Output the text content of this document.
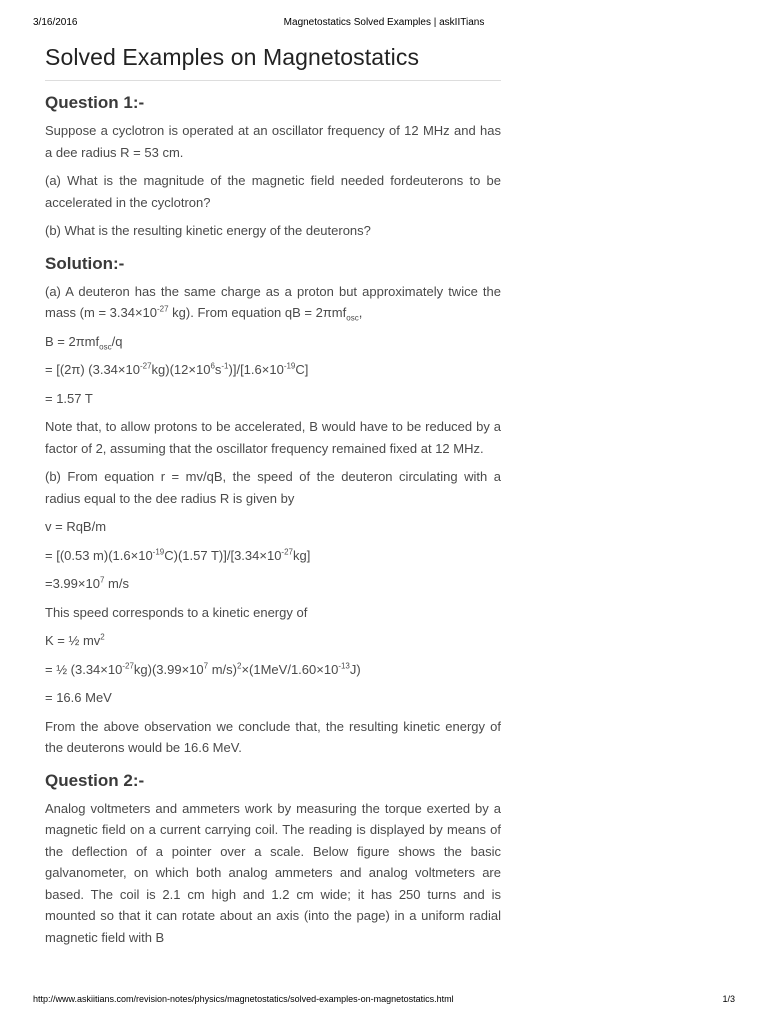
3/16/2016	Magnetostatics Solved Examples | askIITians
Solved Examples on Magnetostatics
Question 1:-

Suppose a cyclotron is operated at an oscillator frequency of 12 MHz and has a dee radius R = 53 cm.

(a) What is the magnitude of the magnetic field needed fordeuterons to be accelerated in the cyclotron?

(b) What is the resulting kinetic energy of the deuterons?

Solution:-

(a) A deuteron has the same charge as a proton but approximately twice the mass ($m = 3.34\times 10^{-27}$ kg). From equation qB = 2πmf$_{osc}$,

B = 2πmf$_{osc}$/q

= [(2π) $(3.34\times 10^{-27}kg)(12\times 10^6s^{-1})]/[1.6\times 10^{-19}C]$

= 1.57 T

Note that, to allow protons to be accelerated, B would have to be reduced by a factor of 2, assuming that the oscillator frequency remained fixed at 12 MHz.

(b) From equation r = mv/qB, the speed of the deuteron circulating with a radius equal to the dee radius R is given by

v = RqB/m

= [(0.53 $m)(1.6\times 10^{-19}C)(1.57$ $T)]/[3.34\times 10^{-27}kg]$

$=3.99\times 10^7$ m/s

This speed corresponds to a kinetic energy of

K = ½ $mv^2$

= ½ $(3.34\times 10^{-27}kg)(3.99\times 10^7$ $m/s)^2\times(1MeV/1.60\times 10^{-13}J)$

= 16.6 MeV

From the above observation we conclude that, the resulting kinetic energy of the deuterons would be 16.6 MeV.

Question 2:-

Analog voltmeters and ammeters work by measuring the torque exerted by a magnetic field on a current carrying coil. The reading is displayed by means of the deflection of a pointer over a scale. Below figure shows the basic galvanometer, on which both analog ammeters and analog voltmeters are based. The coil is 2.1 cm high and 1.2 cm wide; it has 250 turns and is mounted so that it can rotate about an axis (into the page) in a uniform radial magnetic field with B

http://www.askiitians.com/revision-notes/physics/magnetostatics/solved-examples-on-magnetostatics.html	1/3
